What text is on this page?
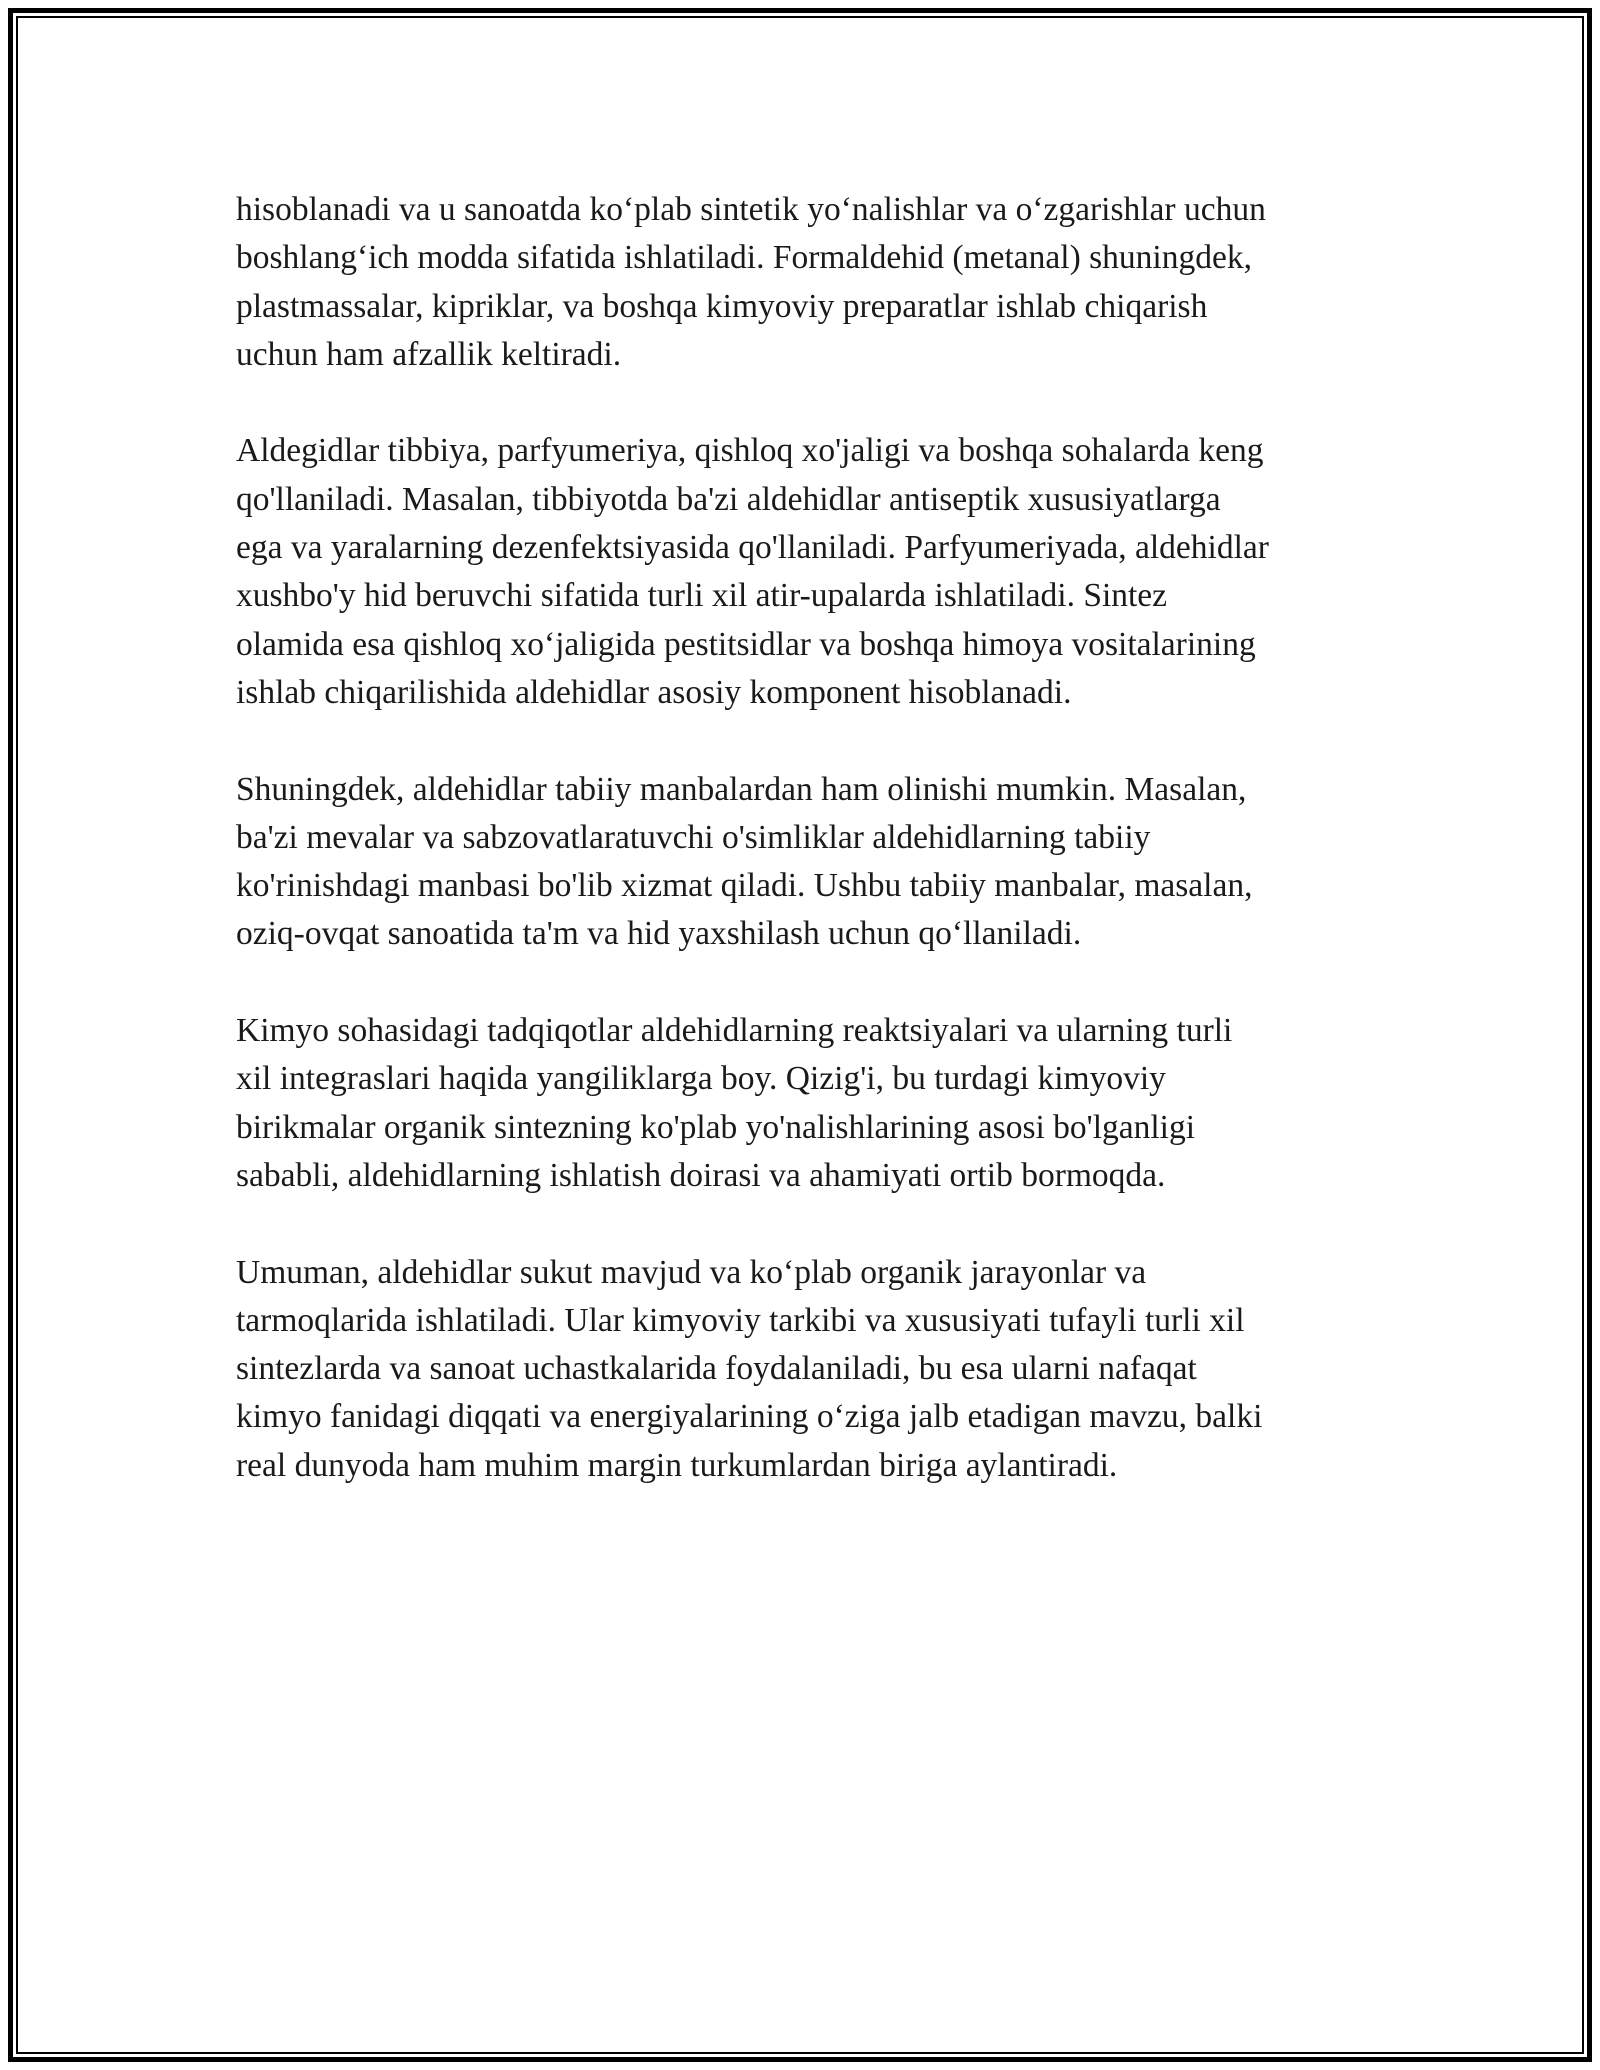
hisoblanadi va u sanoatda ko‘plab sintetik yo‘nalishlar va o‘zgarishlar uchun
boshlang‘ich modda sifatida ishlatiladi. Formaldehid (metanal) shuningdek,
plastmassalar, kipriklar, va boshqa kimyoviy preparatlar ishlab chiqarish
uchun ham afzallik keltiradi.

Aldegidlar tibbiya, parfyumeriya, qishloq xo'jaligi va boshqa sohalarda keng
qo'llaniladi. Masalan, tibbiyotda ba'zi aldehidlar antiseptik xususiyatlarga
ega va yaralarning dezenfektsiyasida qo'llaniladi. Parfyumeriyada, aldehidlar
xushbo'y hid beruvchi sifatida turli xil atir-upalarda ishlatiladi. Sintez
olamida esa qishloq xo‘jaligida pestitsidlar va boshqa himoya vositalarining
ishlab chiqarilishida aldehidlar asosiy komponent hisoblanadi.

Shuningdek, aldehidlar tabiiy manbalardan ham olinishi mumkin. Masalan,
ba'zi mevalar va sabzovatlaratuvchi o'simliklar aldehidlarning tabiiy
ko'rinishdagi manbasi bo'lib xizmat qiladi. Ushbu tabiiy manbalar, masalan,
oziq-ovqat sanoatida ta'm va hid yaxshilash uchun qo‘llaniladi.

Kimyo sohasidagi tadqiqotlar aldehidlarning reaktsiyalari va ularning turli
xil integraslari haqida yangiliklarga boy. Qizig'i, bu turdagi kimyoviy
birikmalar organik sintezning ko'plab yo'nalishlarining asosi bo'lganligi
sababli, aldehidlarning ishlatish doirasi va ahamiyati ortib bormoqda.

Umuman, aldehidlar sukut mavjud va ko‘plab organik jarayonlar va
tarmoqlarida ishlatiladi. Ular kimyoviy tarkibi va xususiyati tufayli turli xil
sintezlarda va sanoat uchastkalarida foydalaniladi, bu esa ularni nafaqat
kimyo fanidagi diqqati va energiyalarining o‘ziga jalb etadigan mavzu, balki
real dunyoda ham muhim margin turkumlardan biriga aylantiradi.
